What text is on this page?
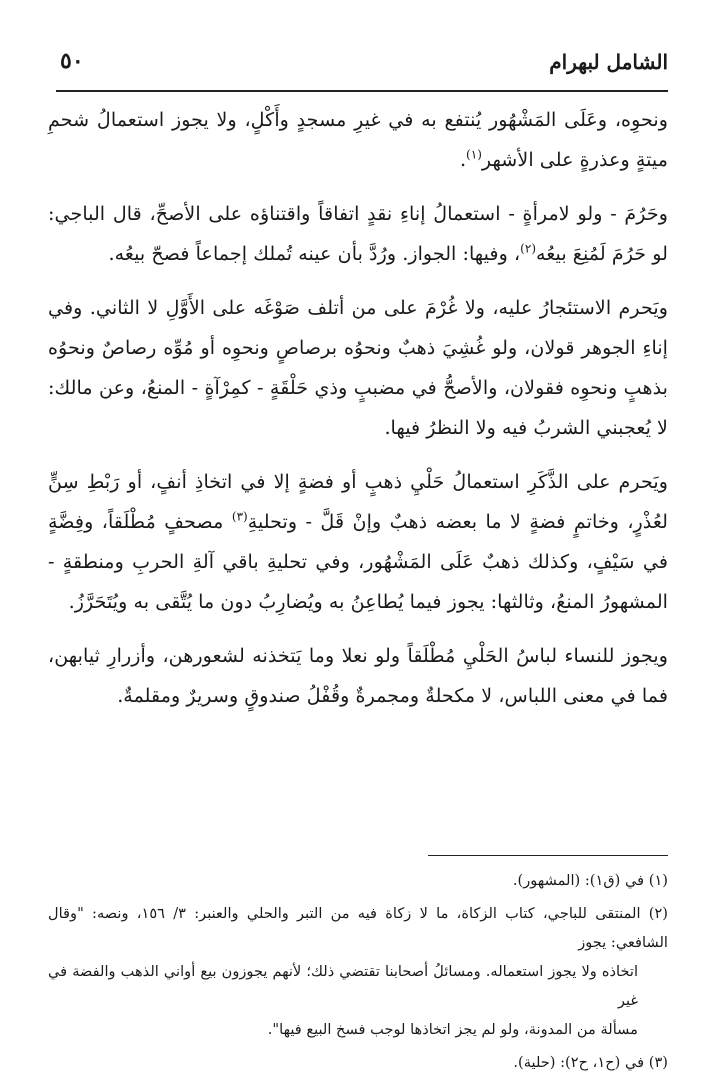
الشامل لبهرام
٥٠

ونحوِه، وعَلَى المَشْهُور يُنتفع به في غيرِ مسجدٍ وأَكْلٍ، ولا يجوز استعمالُ شحمِ ميتةٍ وعذرةٍ على الأشهر$^{(١)}$.

وحَرُمَ - ولو لامرأةٍ - استعمالُ إناءِ نقدٍ اتفاقاً واقتناؤه على الأصحِّ، قال الباجي: لو حَرُمَ لَمُنِعَ بيعُه$^{(٢)}$، وفيها: الجواز. ورُدَّ بأن عينه تُملك إجماعاً فصحّ بيعُه.

ويَحرم الاستئجارُ عليه، ولا غُرْمَ على من أتلف صَوْغَه على الأَوَّلِ لا الثاني. وفي إناءِ الجوهر قولان، ولو غُشِيَ ذهبٌ ونحوُه برصاصٍ ونحوِه أو مُوِّه رصاصٌ ونحوُه بذهبٍ ونحوِه فقولان، والأصحُّ في مضببٍ وذي حَلْقَةٍ - كمِرْآةٍ - المنعُ، وعن مالك: لا يُعجبني الشربُ فيه ولا النظرُ فيها.

ويَحرم على الذَّكَرِ استعمالُ حَلْيِ ذهبٍ أو فضةٍ إلا في اتخاذِ أنفٍ، أو رَبْطِ سِنٍّ لعُذْرٍ، وخاتمٍ فضةٍ لا ما بعضه ذهبٌ وإنْ قَلَّ - وتحليةِ$^{(٣)}$ مصحفٍ مُطْلَقاً، وفِضَّةٍ في سَيْفٍ، وكذلك ذهبٌ عَلَى المَشْهُور، وفي تحليةِ باقي آلةِ الحربِ ومنطقةٍ - المشهورُ المنعُ، وثالثها: يجوز فيما يُطاعِنُ به ويُضارِبُ دون ما يُتَّقى به ويُتَحَرَّزُ.

ويجوز للنساء لباسُ الحَلْيِ مُطْلَقاً ولو نعلا وما يَتخذنه لشعورهن، وأزرارِ ثيابهن، فما في معنى اللباس، لا مكحلةٌ ومجمرةٌ وقُفْلُ صندوقٍ وسريرٌ ومقلمةٌ.

(١) في (ق١): (المشهور).
(٢) المنتقى للباجي، كتاب الزكاة، ما لا زكاة فيه من التبر والحلي والعنبر: ٣/ ١٥٦، ونصه: "وقال الشافعي: يجوز
اتخاذه ولا يجوز استعماله. ومسائلُ أصحابنا تقتضي ذلك؛ لأنهم يجوزون بيع أواني الذهب والفضة في غير
مسألة من المدونة، ولو لم يجز اتخاذها لوجب فسخ البيع فيها".
(٣) في (ح١، ح٢): (حلية).
